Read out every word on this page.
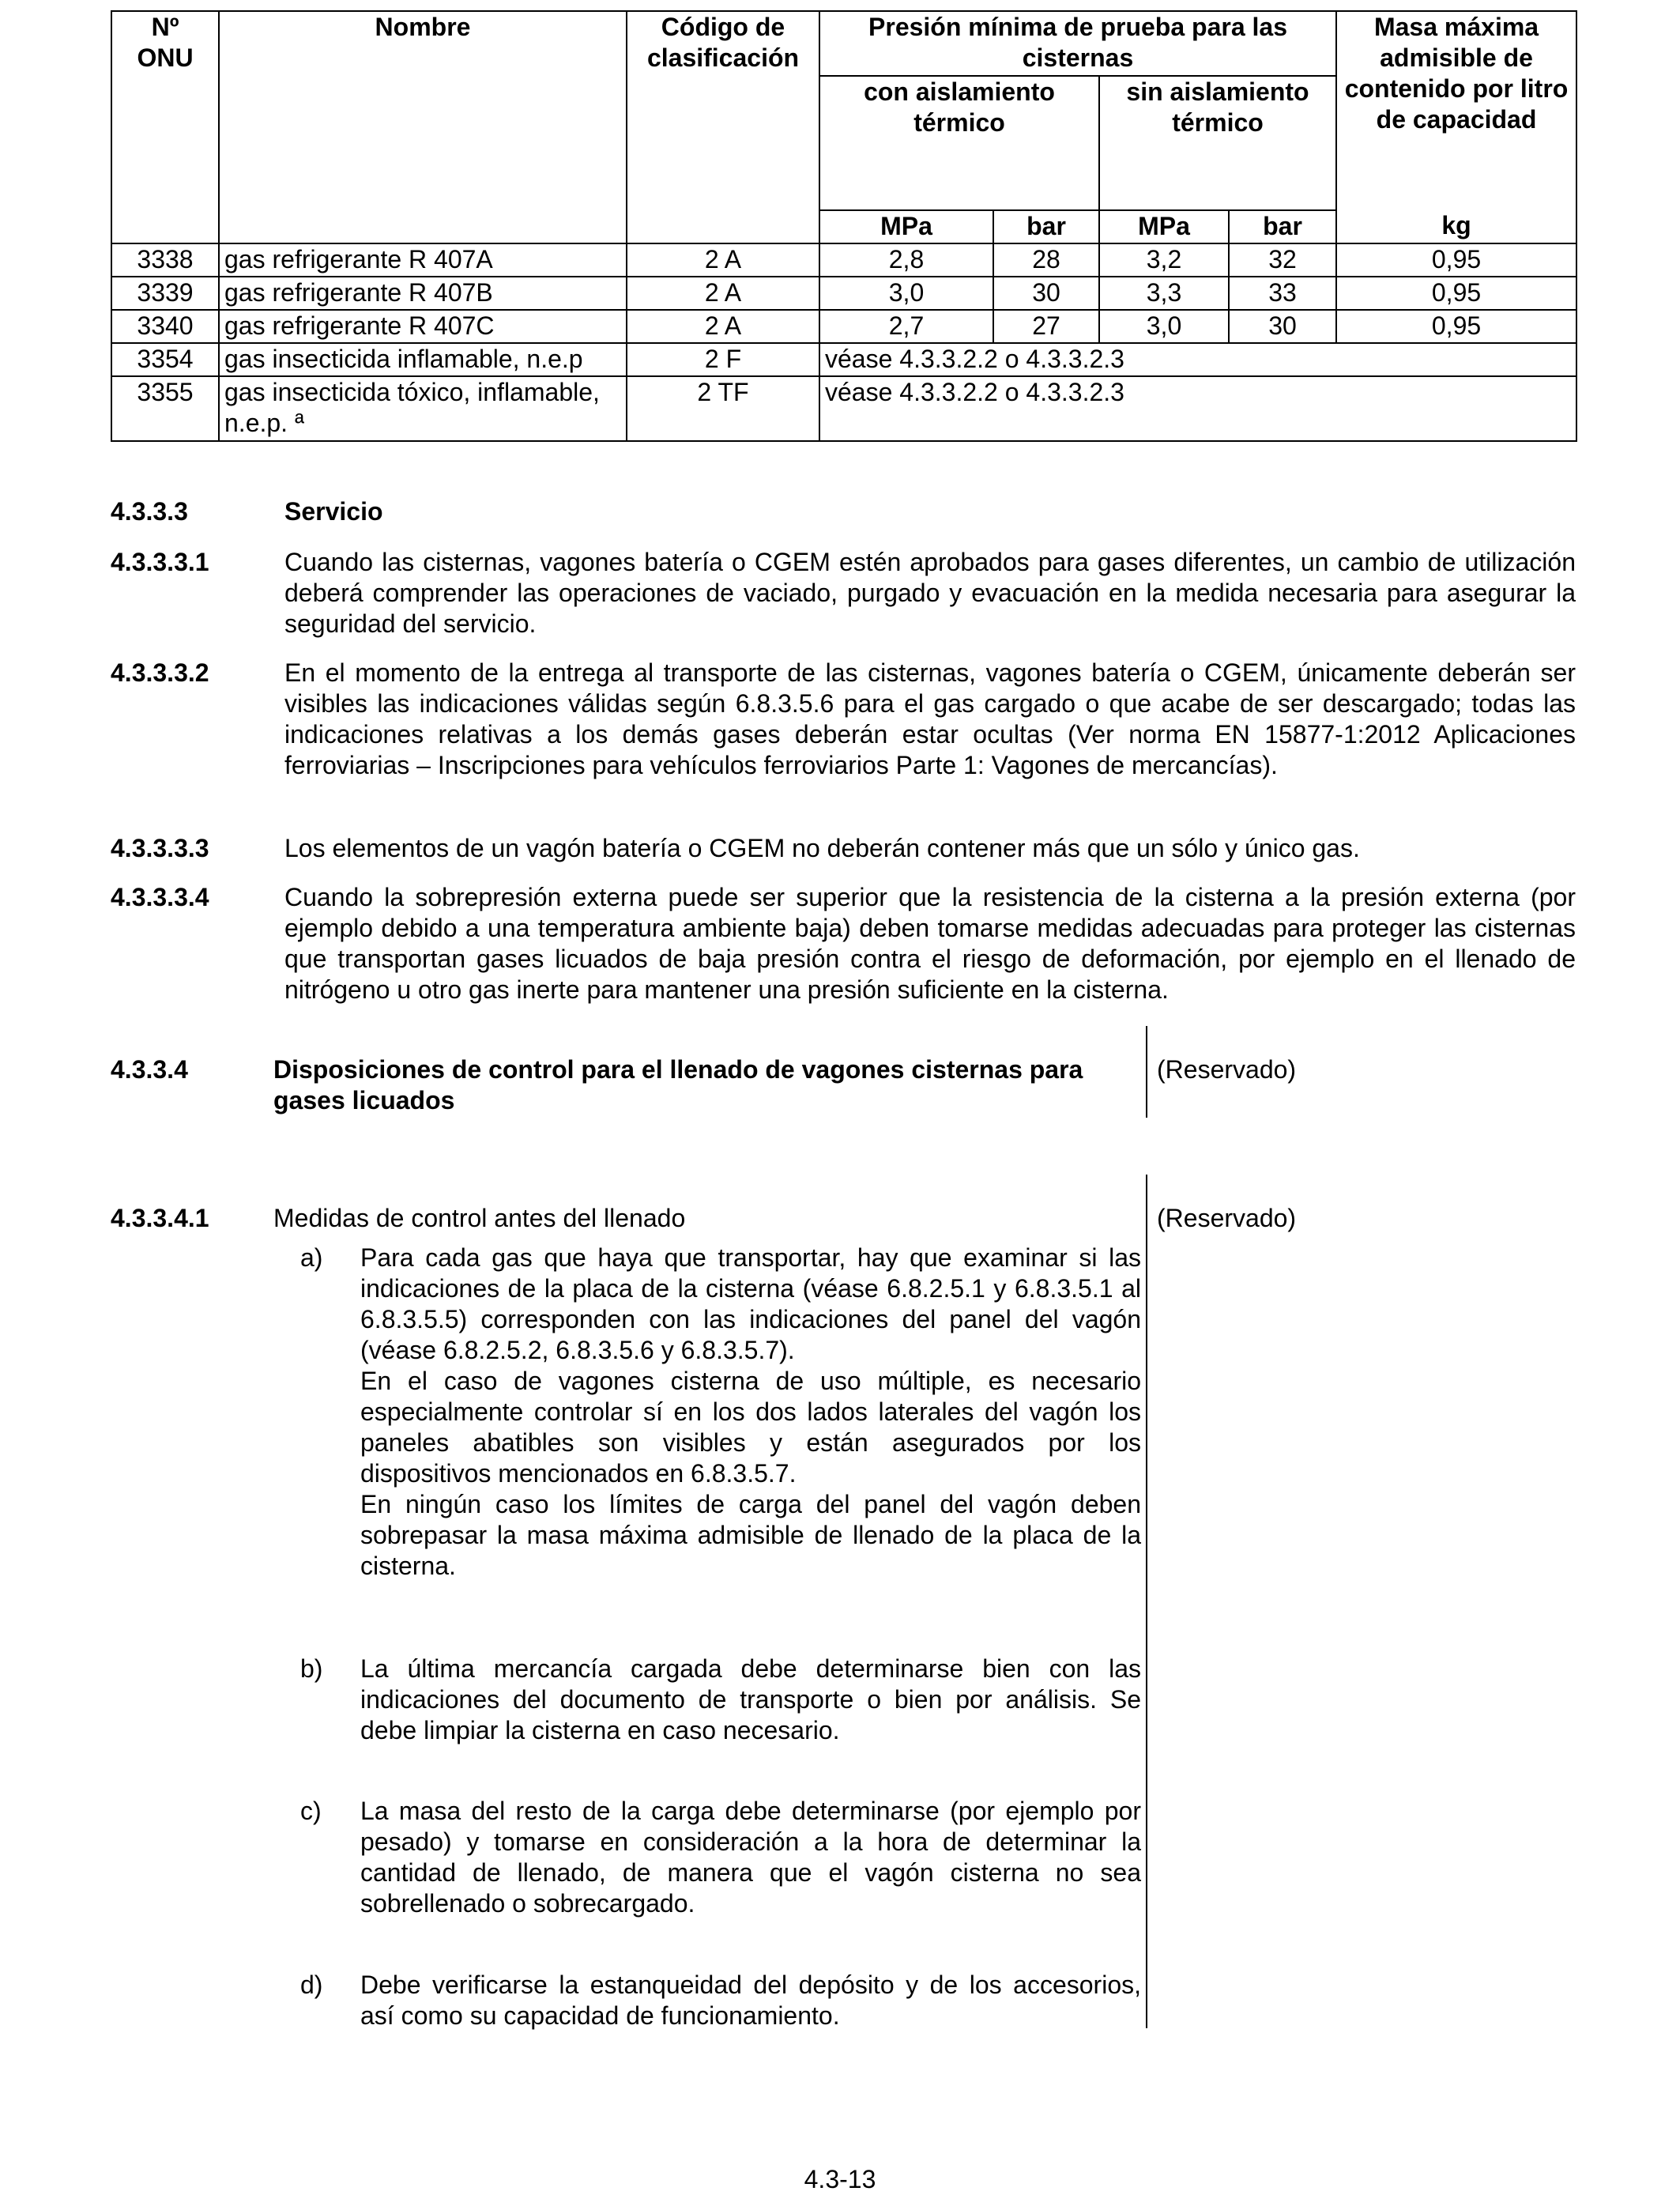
Nº
ONU	Nombre	Código de clasificación	Presión mínima de prueba para las cisternas				Masa máxima admisible de contenido por litro de capacidad
			con aislamiento térmico		sin aislamiento térmico		
			MPa	bar	MPa	bar	kg
3338	gas refrigerante R 407A	2 A	2,8	28	3,2	32	0,95
3339	gas refrigerante R 407B	2 A	3,0	30	3,3	33	0,95
3340	gas refrigerante R 407C	2 A	2,7	27	3,0	30	0,95
3354	gas insecticida inflamable, n.e.p	2 F	véase 4.3.3.2.2 o 4.3.3.2.3				
3355	gas insecticida tóxico, inflamable, n.e.p. ª	2 TF	véase 4.3.3.2.2 o 4.3.3.2.3				
4.3.3.3	Servicio
4.3.3.3.1	Cuando las cisternas, vagones batería o CGEM estén aprobados para gases diferentes, un cambio de utilización deberá comprender las operaciones de vaciado, purgado y evacuación en la medida necesaria para asegurar la seguridad del servicio.
4.3.3.3.2	En el momento de la entrega al transporte de las cisternas, vagones batería o CGEM, únicamente deberán ser visibles las indicaciones válidas según 6.8.3.5.6 para el gas cargado o que acabe de ser descargado; todas las indicaciones relativas a los demás gases deberán estar ocultas (Ver norma EN 15877-1:2012 Aplicaciones ferroviarias – Inscripciones para vehículos ferroviarios Parte 1: Vagones de mercancías).
4.3.3.3.3	Los elementos de un vagón batería o CGEM no deberán contener más que un sólo y único gas.
4.3.3.3.4	Cuando la sobrepresión externa puede ser superior que la resistencia de la cisterna a la presión externa (por ejemplo debido a una temperatura ambiente baja) deben tomarse medidas adecuadas para proteger las cisternas que transportan gases licuados de baja presión contra el riesgo de deformación, por ejemplo en el llenado de nitrógeno u otro gas inerte para mantener una presión suficiente en la cisterna.
4.3.3.4	Disposiciones de control para el llenado de vagones cisternas para gases licuados
(Reservado)
4.3.3.4.1	Medidas de control antes del llenado	(Reservado)
a) Para cada gas que haya que transportar, hay que examinar si las indicaciones de la placa de la cisterna (véase 6.8.2.5.1 y 6.8.3.5.1 al 6.8.3.5.5) corresponden con las indicaciones del panel del vagón (véase 6.8.2.5.2, 6.8.3.5.6 y 6.8.3.5.7).

En el caso de vagones cisterna de uso múltiple, es necesario especialmente controlar sí en los dos lados laterales del vagón los paneles abatibles son visibles y están asegurados por los dispositivos mencionados en 6.8.3.5.7.

En ningún caso los límites de carga del panel del vagón deben sobrepasar la masa máxima admisible de llenado de la placa de la cisterna.

b) La última mercancía cargada debe determinarse bien con las indicaciones del documento de transporte o bien por análisis. Se debe limpiar la cisterna en caso necesario.

c) La masa del resto de la carga debe determinarse (por ejemplo por pesado) y tomarse en consideración a la hora de determinar la cantidad de llenado, de manera que el vagón cisterna no sea sobrellenado o sobrecargado.

d) Debe verificarse la estanqueidad del depósito y de los accesorios, así como su capacidad de funcionamiento.

4.3-13
